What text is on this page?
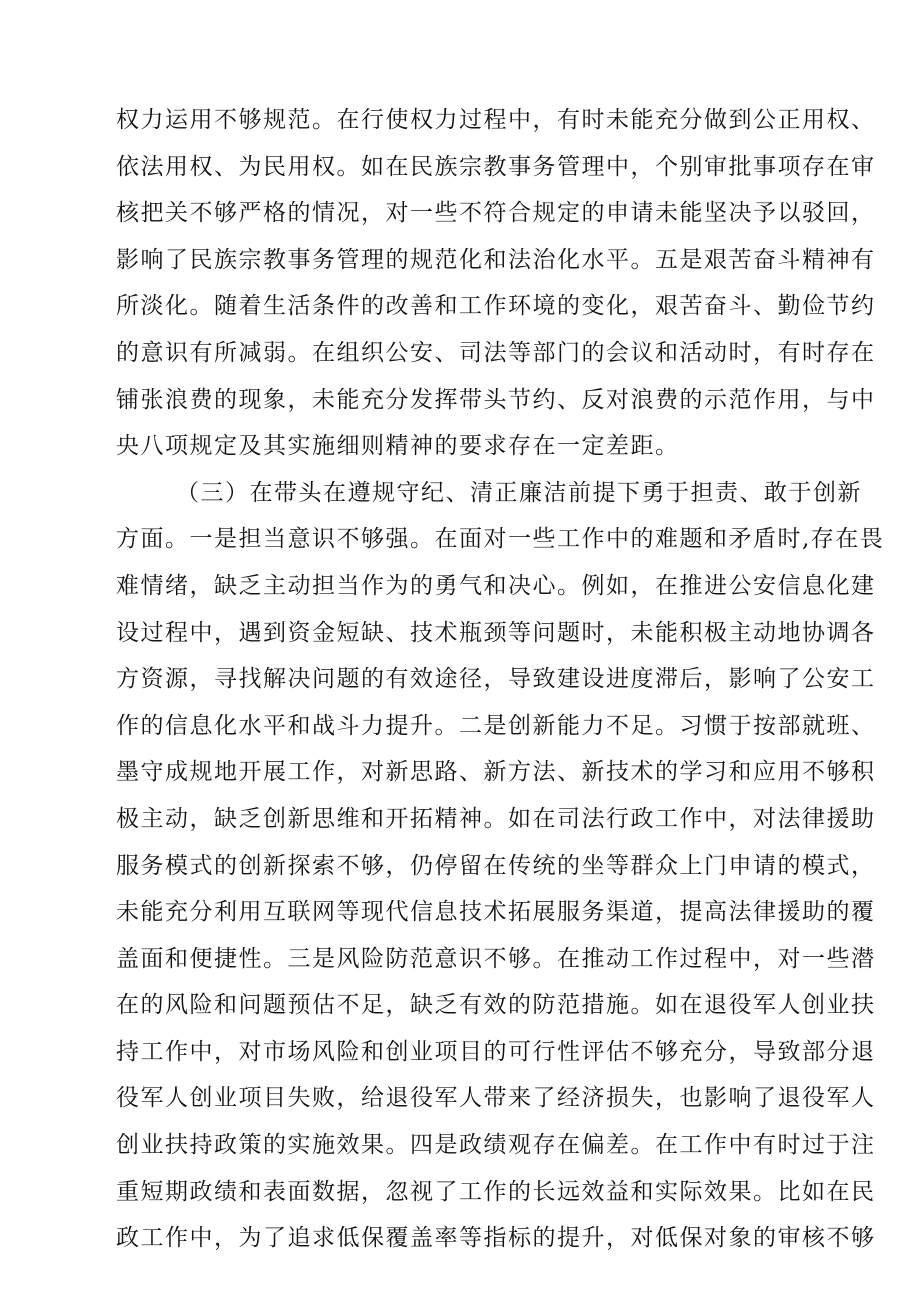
权力运用不够规范。在行使权力过程中，有时未能充分做到公正用权、
依法用权、为民用权。如在民族宗教事务管理中，个别审批事项存在审
核把关不够严格的情况，对一些不符合规定的申请未能坚决予以驳回，
影响了民族宗教事务管理的规范化和法治化水平。五是艰苦奋斗精神有
所淡化。随着生活条件的改善和工作环境的变化，艰苦奋斗、勤俭节约
的意识有所减弱。在组织公安、司法等部门的会议和活动时，有时存在
铺张浪费的现象，未能充分发挥带头节约、反对浪费的示范作用，与中
央八项规定及其实施细则精神的要求存在一定差距。
（三）在带头在遵规守纪、清正廉洁前提下勇于担责、敢于创新
方面。一是担当意识不够强。在面对一些工作中的难题和矛盾时,存在畏
难情绪，缺乏主动担当作为的勇气和决心。例如，在推进公安信息化建
设过程中，遇到资金短缺、技术瓶颈等问题时，未能积极主动地协调各
方资源，寻找解决问题的有效途径，导致建设进度滞后，影响了公安工
作的信息化水平和战斗力提升。二是创新能力不足。习惯于按部就班、
墨守成规地开展工作，对新思路、新方法、新技术的学习和应用不够积
极主动，缺乏创新思维和开拓精神。如在司法行政工作中，对法律援助
服务模式的创新探索不够，仍停留在传统的坐等群众上门申请的模式，
未能充分利用互联网等现代信息技术拓展服务渠道，提高法律援助的覆
盖面和便捷性。三是风险防范意识不够。在推动工作过程中，对一些潜
在的风险和问题预估不足，缺乏有效的防范措施。如在退役军人创业扶
持工作中，对市场风险和创业项目的可行性评估不够充分，导致部分退
役军人创业项目失败，给退役军人带来了经济损失，也影响了退役军人
创业扶持政策的实施效果。四是政绩观存在偏差。在工作中有时过于注
重短期政绩和表面数据，忽视了工作的长远效益和实际效果。比如在民
政工作中，为了追求低保覆盖率等指标的提升，对低保对象的审核不够
